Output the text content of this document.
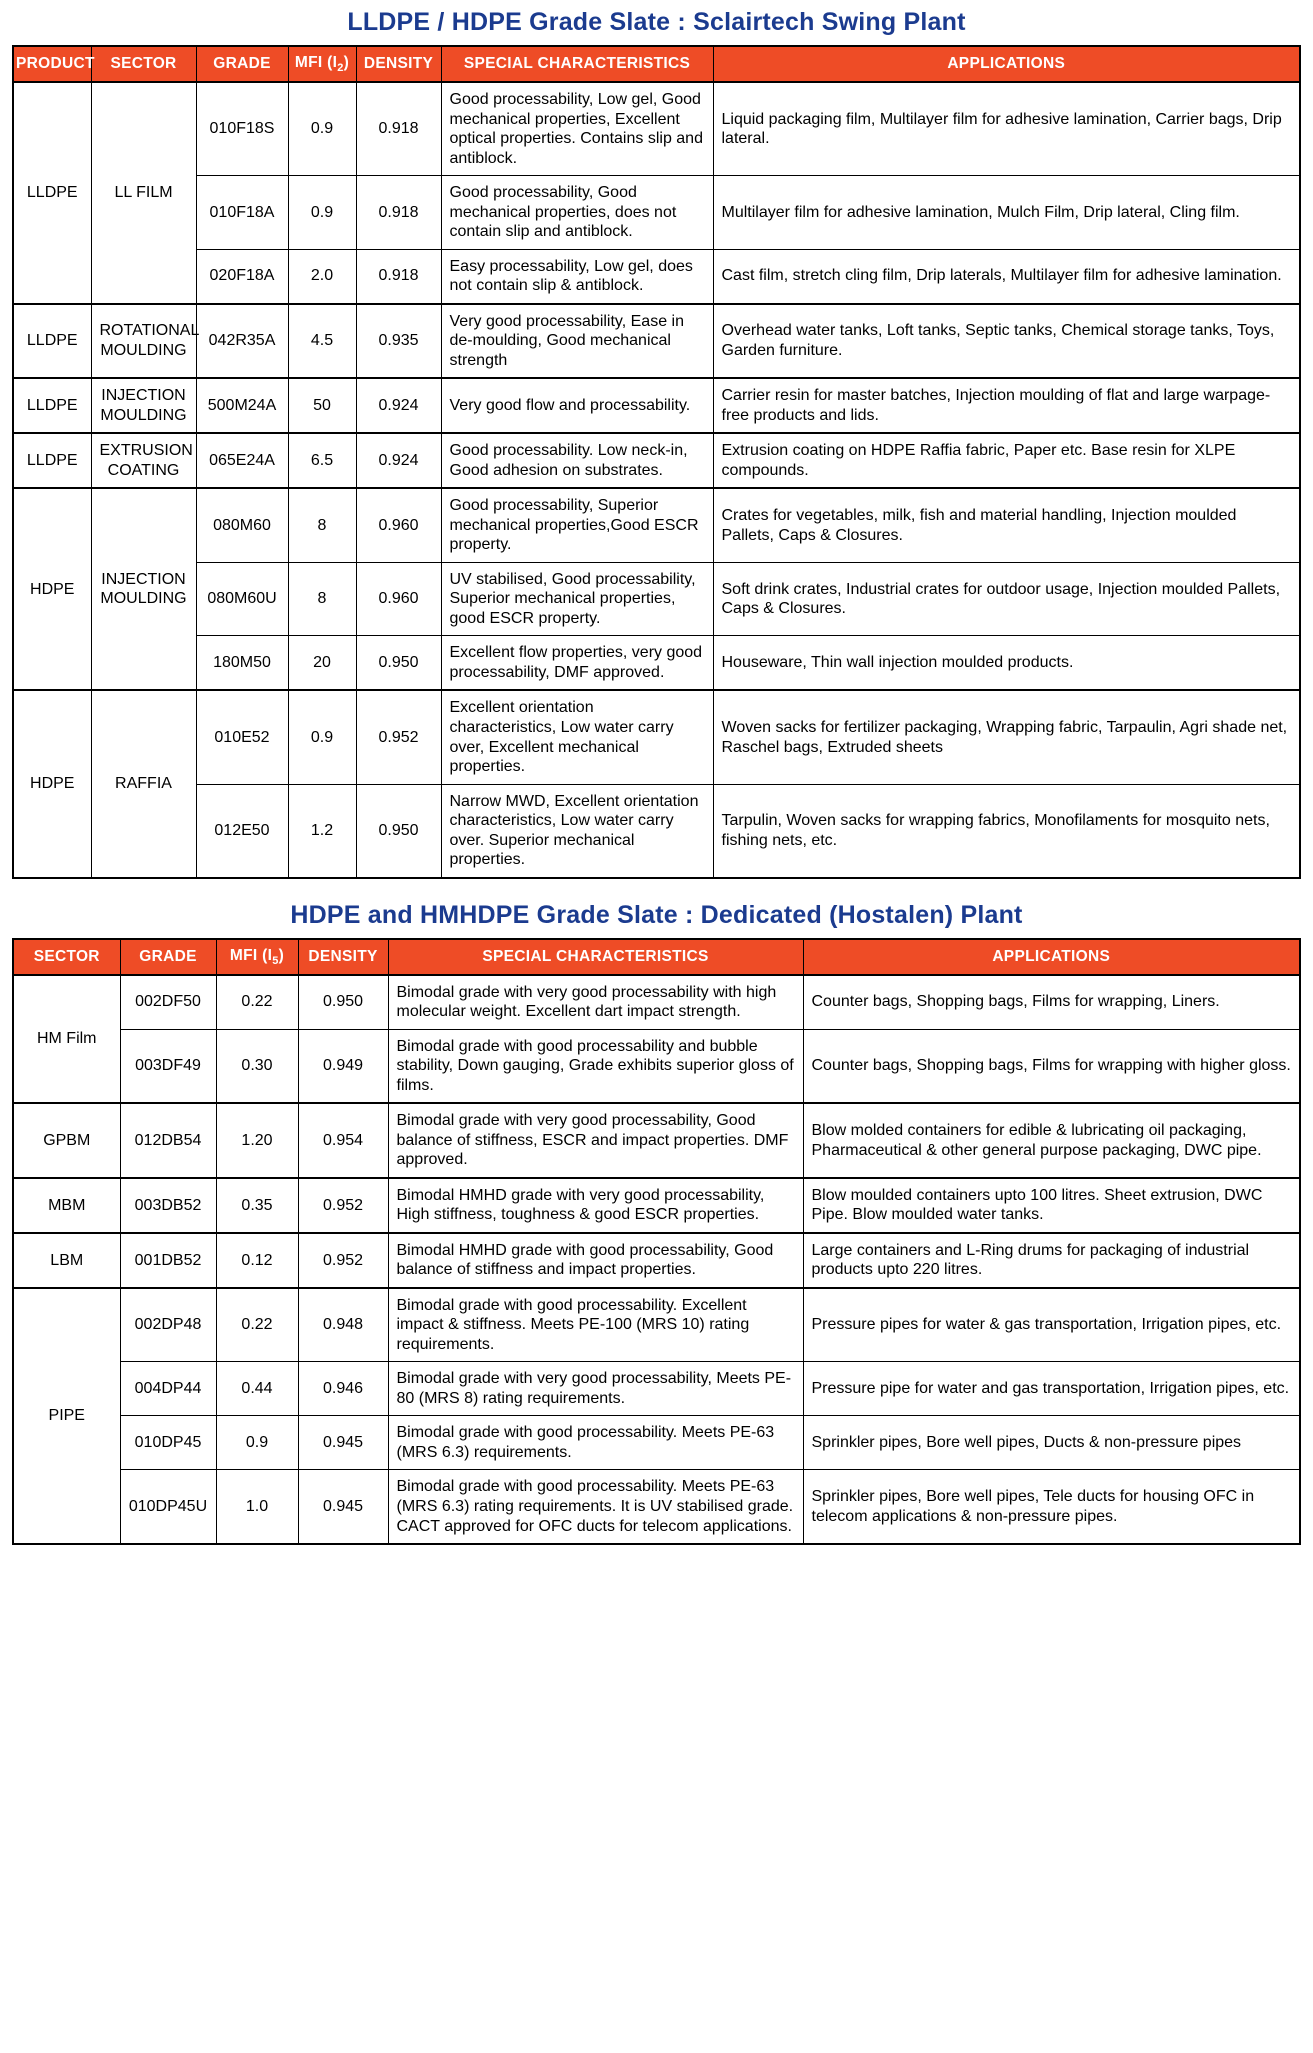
LLDPE / HDPE Grade Slate : Sclairtech Swing Plant
PRODUCT	SECTOR	GRADE	MFI $(I_2)$	DENSITY	SPECIAL CHARACTERISTICS	APPLICATIONS
LLDPE	LL FILM	010F18S	0.9	0.918	Good processability, Low gel, Good mechanical properties, Excellent optical properties. Contains slip and antiblock.	Liquid packaging film, Multilayer film for adhesive lamination, Carrier bags, Drip lateral.
		010F18A	0.9	0.918	Good processability, Good mechanical properties, does not contain slip and antiblock.	Multilayer film for adhesive lamination, Mulch Film, Drip lateral, Cling film.
		020F18A	2.0	0.918	Easy processability, Low gel, does not contain slip & antiblock.	Cast film, stretch cling film, Drip laterals, Multilayer film for adhesive lamination.
LLDPE	ROTATIONAL MOULDING	042R35A	4.5	0.935	Very good processability, Ease in de-moulding, Good mechanical strength	Overhead water tanks, Loft tanks, Septic tanks, Chemical storage tanks, Toys, Garden furniture.
LLDPE	INJECTION MOULDING	500M24A	50	0.924	Very good flow and processability.	Carrier resin for master batches, Injection moulding of flat and large warpage-free products and lids.
LLDPE	EXTRUSION COATING	065E24A	6.5	0.924	Good processability. Low neck-in, Good adhesion on substrates.	Extrusion coating on HDPE Raffia fabric, Paper etc. Base resin for XLPE compounds.
HDPE	INJECTION MOULDING	080M60	8	0.960	Good processability, Superior mechanical properties,Good ESCR property.	Crates for vegetables, milk, fish and material handling, Injection moulded Pallets, Caps & Closures.
		080M60U	8	0.960	UV stabilised, Good processability, Superior mechanical properties, good ESCR property.	Soft drink crates, Industrial crates for outdoor usage, Injection moulded Pallets, Caps & Closures.
		180M50	20	0.950	Excellent flow properties, very good processability, DMF approved.	Houseware, Thin wall injection moulded products.
HDPE	RAFFIA	010E52	0.9	0.952	Excellent orientation characteristics, Low water carry over, Excellent mechanical properties.	Woven sacks for fertilizer packaging, Wrapping fabric, Tarpaulin, Agri shade net, Raschel bags, Extruded sheets
		012E50	1.2	0.950	Narrow MWD, Excellent orientation characteristics, Low water carry over. Superior mechanical properties.	Tarpulin, Woven sacks for wrapping fabrics, Monofilaments for mosquito nets, fishing nets, etc.
HDPE and HMHDPE Grade Slate : Dedicated (Hostalen) Plant
SECTOR	GRADE	MFI $(I_5)$	DENSITY	SPECIAL CHARACTERISTICS	APPLICATIONS
HM Film	002DF50	0.22	0.950	Bimodal grade with very good processability with high molecular weight. Excellent dart impact strength.	Counter bags, Shopping bags, Films for wrapping, Liners.
	003DF49	0.30	0.949	Bimodal grade with good processability and bubble stability, Down gauging, Grade exhibits superior gloss of films.	Counter bags, Shopping bags, Films for wrapping with higher gloss.
GPBM	012DB54	1.20	0.954	Bimodal grade with very good processability, Good balance of stiffness, ESCR and impact properties. DMF approved.	Blow molded containers for edible & lubricating oil packaging, Pharmaceutical & other general purpose packaging, DWC pipe.
MBM	003DB52	0.35	0.952	Bimodal HMHD grade with very good processability, High stiffness, toughness & good ESCR properties.	Blow moulded containers upto 100 litres. Sheet extrusion, DWC Pipe. Blow moulded water tanks.
LBM	001DB52	0.12	0.952	Bimodal HMHD grade with good processability, Good balance of stiffness and impact properties.	Large containers and L-Ring drums for packaging of industrial products upto 220 litres.
PIPE	002DP48	0.22	0.948	Bimodal grade with good processability. Excellent impact & stiffness. Meets PE-100 (MRS 10) rating requirements.	Pressure pipes for water & gas transportation, Irrigation pipes, etc.
	004DP44	0.44	0.946	Bimodal grade with very good processability, Meets PE-80 (MRS 8) rating requirements.	Pressure pipe for water and gas transportation, Irrigation pipes, etc.
	010DP45	0.9	0.945	Bimodal grade with good processability. Meets PE-63 (MRS 6.3) requirements.	Sprinkler pipes, Bore well pipes, Ducts & non-pressure pipes
	010DP45U	1.0	0.945	Bimodal grade with good processability. Meets PE-63 (MRS 6.3) rating requirements. It is UV stabilised grade. CACT approved for OFC ducts for telecom applications.	Sprinkler pipes, Bore well pipes, Tele ducts for housing OFC in telecom applications & non-pressure pipes.
